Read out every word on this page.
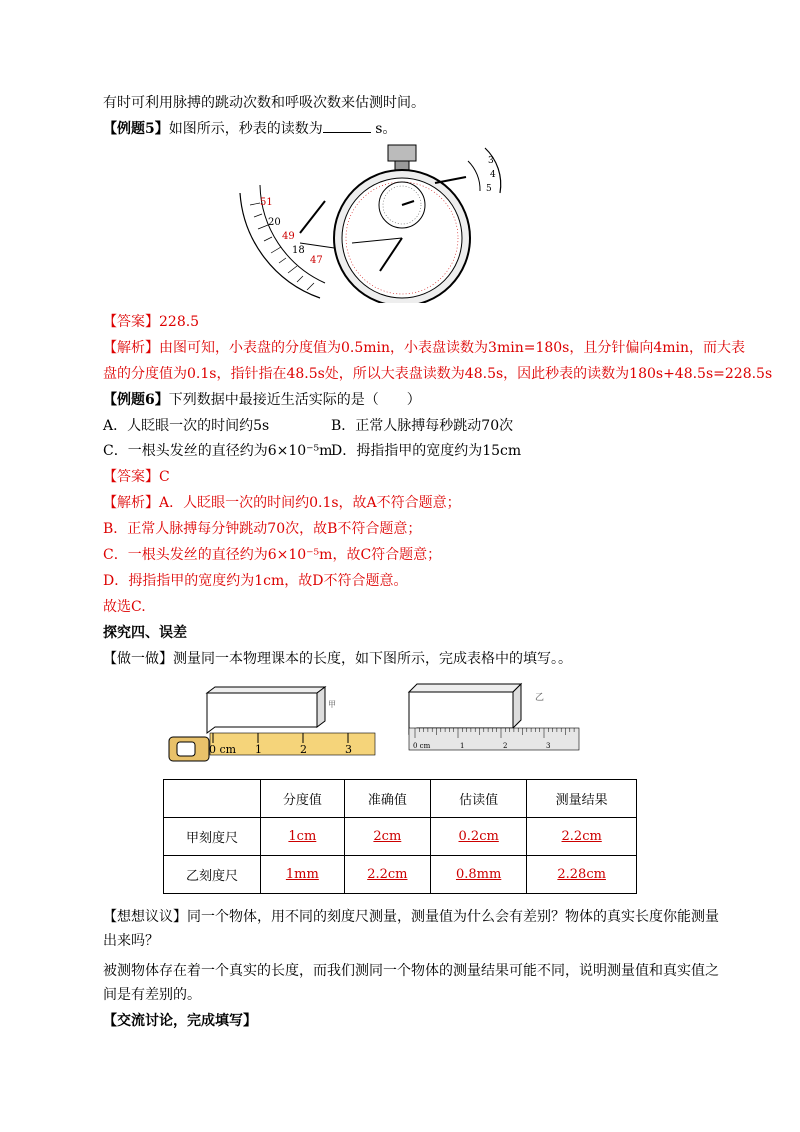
有时可利用脉搏的跳动次数和呼吸次数来估测时间。
【例题5】如图所示，秒表的读数为	s。
51
20
49
18
47
3
4
5
【答案】228.5
【解析】由图可知，小表盘的分度值为0.5min，小表盘读数为3min=180s，且分针偏向4min，而大表
盘的分度值为0.1s，指针指在48.5s处，所以大表盘读数为48.5s，因此秒表的读数为180s+48.5s=228.5s
【例题6】下列数据中最接近生活实际的是（　　）
A．人眨眼一次的时间约5s	B．正常人脉搏每秒跳动70次
C．一根头发丝的直径约为6×10⁻⁵m
D．拇指指甲的宽度约为15cm
【答案】C
【解析】A．人眨眼一次的时间约0.1s，故A不符合题意；
B．正常人脉搏每分钟跳动70次，故B不符合题意；
C．一根头发丝的直径约为6×10⁻⁵m，故C符合题意；
D．拇指指甲的宽度约为1cm，故D不符合题意。
故选C.
探究四、误差
【做一做】测量同一本物理课本的长度，如下图所示，完成表格中的填写。。
0 cm 1	2	3
甲
0 cm	1	2	3
乙
	分度值	准确值	估读值	测量结果
甲刻度尺	1cm	2cm	0.2cm	2.2cm
乙刻度尺	1mm	2.2cm	0.8mm	2.28cm
【想想议议】同一个物体，用不同的刻度尺测量，测量值为什么会有差别？物体的真实长度你能测量
出来吗？
被测物体存在着一个真实的长度，而我们测同一个物体的测量结果可能不同，说明测量值和真实值之
间是有差别的。
【交流讨论，完成填写】
